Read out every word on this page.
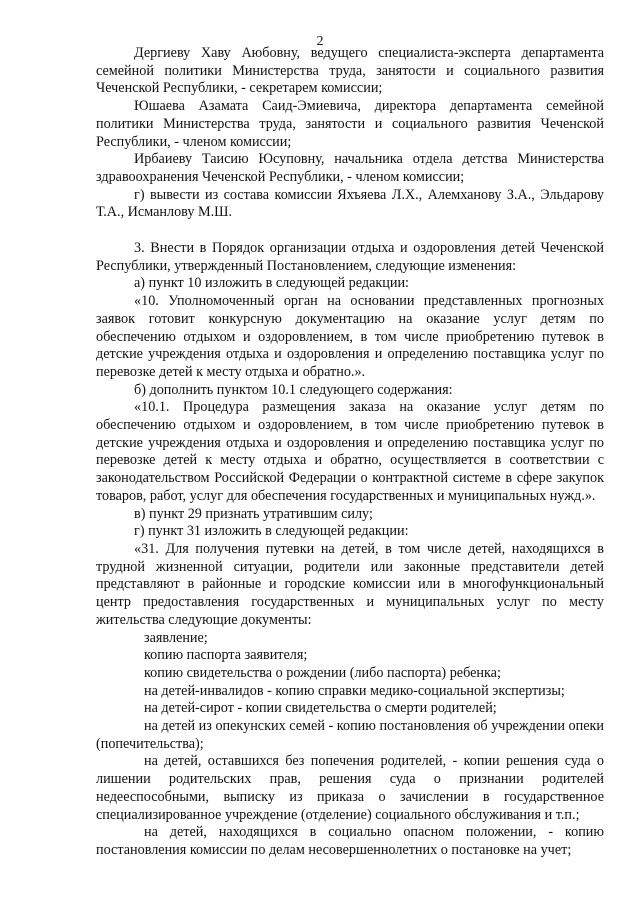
2

Дергиеву Хаву Аюбовну, ведущего специалиста-эксперта департамента семейной политики Министерства труда, занятости и социального развития Чеченской Республики, - секретарем комиссии;

Юшаева Азамата Саид-Эмиевича, директора департамента семейной политики Министерства труда, занятости и социального развития Чеченской Республики, - членом комиссии;

Ирбаиеву Таисию Юсуповну, начальника отдела детства Министерства здравоохранения Чеченской Республики, - членом комиссии;

г) вывести из состава комиссии Яхъяева Л.Х., Алемханову З.А., Эльдарову Т.А., Исманлову М.Ш.

3. Внести в Порядок организации отдыха и оздоровления детей Чеченской Республики, утвержденный Постановлением, следующие изменения:

а) пункт 10 изложить в следующей редакции:

«10. Уполномоченный орган на основании представленных прогнозных заявок готовит конкурсную документацию на оказание услуг детям по обеспечению отдыхом и оздоровлением, в том числе приобретению путевок в детские учреждения отдыха и оздоровления и определению поставщика услуг по перевозке детей к месту отдыха и обратно.».

б) дополнить пунктом 10.1 следующего содержания:

«10.1. Процедура размещения заказа на оказание услуг детям по обеспечению отдыхом и оздоровлением, в том числе приобретению путевок в детские учреждения отдыха и оздоровления и определению поставщика услуг по перевозке детей к месту отдыха и обратно, осуществляется в соответствии с законодательством Российской Федерации о контрактной системе в сфере закупок товаров, работ, услуг для обеспечения государственных и муниципальных нужд.».

в) пункт 29 признать утратившим силу;

г) пункт 31 изложить в следующей редакции:

«31. Для получения путевки на детей, в том числе детей, находящихся в трудной жизненной ситуации, родители или законные представители детей представляют в районные и городские комиссии или в многофункциональный центр предоставления государственных и муниципальных услуг по месту жительства следующие документы:

заявление;

копию паспорта заявителя;

копию свидетельства о рождении (либо паспорта) ребенка;

на детей-инвалидов - копию справки медико-социальной экспертизы;

на детей-сирот - копии свидетельства о смерти родителей;

на детей из опекунских семей - копию постановления об учреждении опеки (попечительства);

на детей, оставшихся без попечения родителей, - копии решения суда о лишении родительских прав, решения суда о признании родителей недееспособными, выписку из приказа о зачислении в государственное специализированное учреждение (отделение) социального обслуживания и т.п.;

на детей, находящихся в социально опасном положении, - копию постановления комиссии по делам несовершеннолетних о постановке на учет;
